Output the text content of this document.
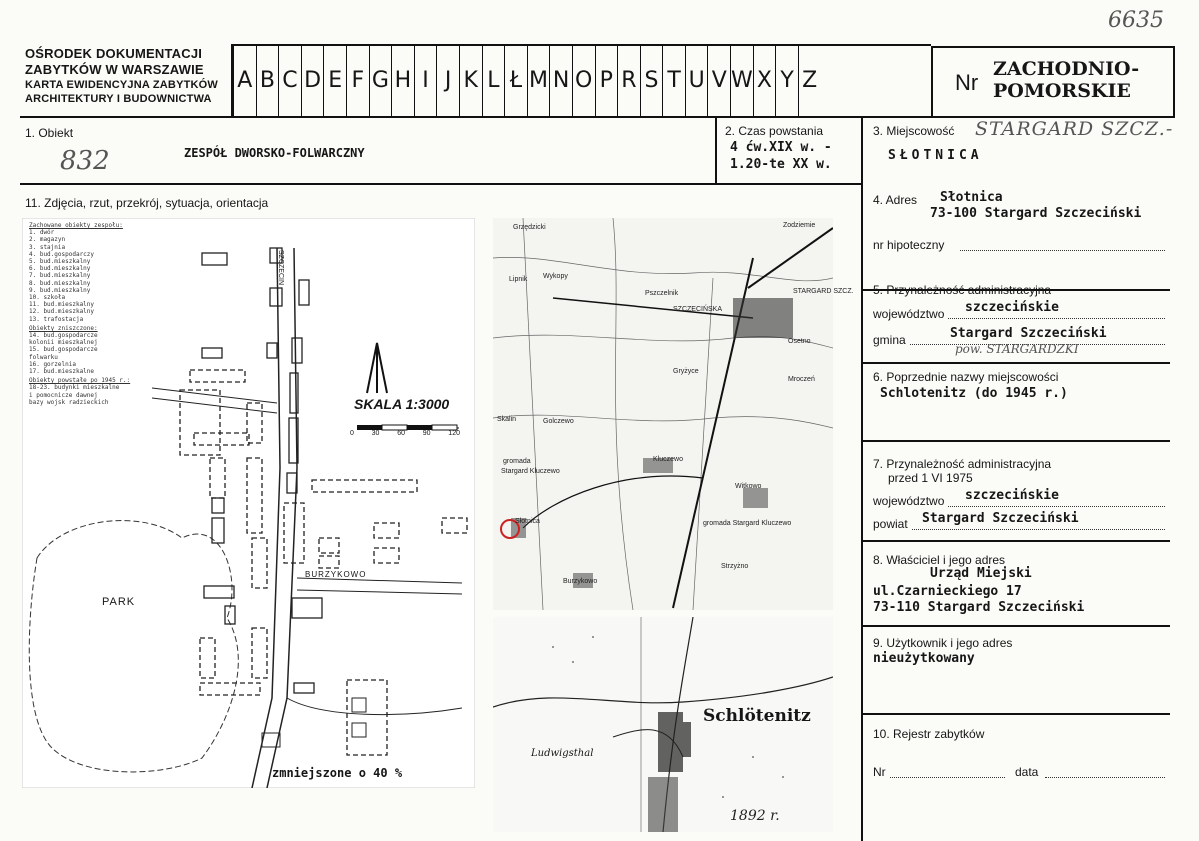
6635
OŚRODEK DOKUMENTACJI
ZABYTKÓW W WARSZAWIE
KARTA EWIDENCYJNA ZABYTKÓW
ARCHITEKTURY I BUDOWNICTWA
A B C D E F G H I J K L Ł M N O P R S T U V W X Y Z	Nr
ZACHODNIO-
POMORSKIE
1. Obiekt
832	ZESPÓŁ DWORSKO-FOLWARCZNY
2. Czas powstania
4 ćw.XIX w. -
1.20-te XX w.
3. Miejscowość STARGARD SZCZ.-
SŁOTNICA
11. Zdjęcia, rzut, przekrój, sytuacja, orientacja
Zachowane obiekty zespołu:
1. dwór
2. magazyn
3. stajnia
4. bud.gospodarczy
5. bud.mieszkalny
6. bud.mieszkalny
7. bud.mieszkalny
8. bud.mieszkalny
9. bud.mieszkalny
10. szkoła
11. bud.mieszkalny
12. bud.mieszkalny
13. trafostacja
Obiekty zniszczone:
14. bud.gospodarcze
kolonii mieszkalnej
15. bud.gospodarcze
folwarku
16. gorzelnia
17. bud.mieszkalne
Obiekty powstałe po 1945 r.:
18-23. budynki mieszkalne
i pomocnicze dawnej
bazy wojsk radzieckich	SKALA 1:3000
0	30	60	90	120
PARK
BURZYKOWO
SZCZECIN
zmniejszone o 40 %
Grzędzicki
Lipnik Wykopy
Pszczelnik
SZCZECIŃSKA
Zodziemie
STARGARD SZCZ.
Osetno
Mroczeń
Gryżyce
Skalin	Golczewo
gromada
Stargard Kluczewo
Kluczewo
Witkowo
Słotnica	gromada Stargard Kluczewo
Strzyżno
Burzykowo
Schlötenitz
Ludwigsthal
1892 r.
4. Adres Słotnica
73-100 Stargard Szczeciński
nr hipoteczny
5. Przynależność administracyjna
województwo szczecińskie
gmina	Stargard Szczeciński
pow. STARGARDZKI
6. Poprzednie nazwy miejscowości
Schlotenitz (do 1945 r.)
7. Przynależność administracyjna
przed 1 VI 1975
województwo szczecińskie
powiat Stargard Szczeciński
8. Właściciel i jego adres
Urząd Miejski
ul.Czarnieckiego 17
73-110 Stargard Szczeciński
9. Użytkownik i jego adres
nieużytkowany
10. Rejestr zabytków
Nr	data
